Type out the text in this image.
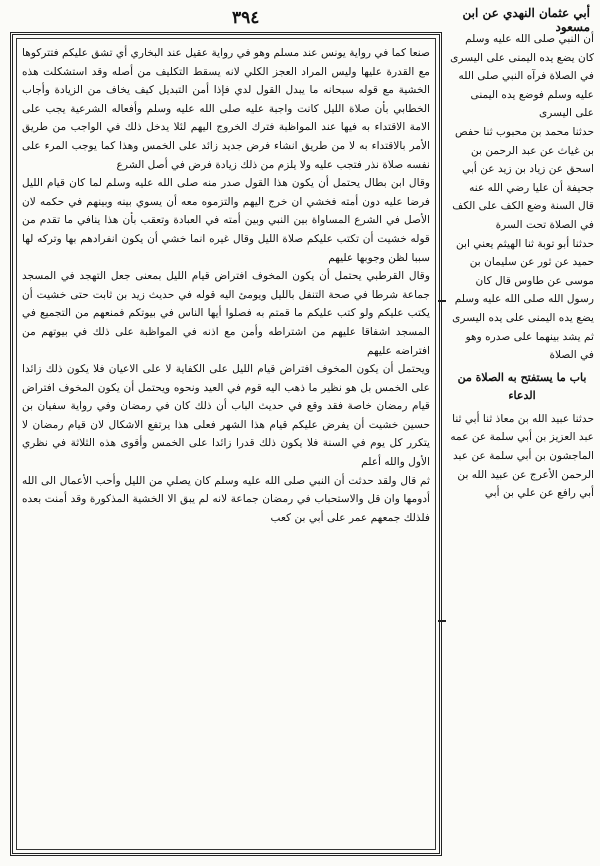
٣٩٤	أبي عثمان النهدي عن ابن مسعود

صنعا كما في رواية يونس عند مسلم وهو في رواية عقيل عند البخاري أي تشق عليكم فتتركوها مع القدرة عليها وليس المراد العجز الكلي لانه يسقط التكليف من أصله وقد استشكلت هذه الخشية مع قوله سبحانه ما يبدل القول لدي فإذا أمن التبديل كيف يخاف من الزيادة وأجاب الخطابي بأن صلاة الليل كانت واجبة عليه صلى الله عليه وسلم وأفعاله الشرعية يجب على الامة الاقتداء به فيها عند المواظبة فترك الخروج اليهم لئلا يدخل ذلك في الواجب من طريق الأمر بالاقتداء به لا من طريق انشاء فرض جديد زائد على الخمس وهذا كما يوجب المرء على نفسه صلاة نذر فتجب عليه ولا يلزم من ذلك زيادة فرض في أصل الشرع

وقال ابن بطال يحتمل أن يكون هذا القول صدر منه صلى الله عليه وسلم لما كان قيام الليل فرضا عليه دون أمته فخشي ان خرج اليهم والتزموه معه أن يسوي بينه وبينهم في حكمه لان الأصل في الشرع المساواة بين النبي وبين أمته في العبادة وتعقب بأن هذا ينافي ما تقدم من قوله خشيت أن تكتب عليكم صلاة الليل وقال غيره انما خشي أن يكون انفرادهم بها وتركه لها سببا لظن وجوبها عليهم

وقال القرطبي يحتمل أن يكون المخوف افتراض قيام الليل بمعنى جعل التهجد في المسجد جماعة شرطا في صحة التنفل بالليل ويومئ اليه قوله في حديث زيد بن ثابت حتى خشيت أن يكتب عليكم ولو كتب عليكم ما قمتم به فصلوا أيها الناس في بيوتكم فمنعهم من التجميع في المسجد اشفاقا عليهم من اشتراطه وأمن مع اذنه في المواظبة على ذلك في بيوتهم من افتراضه عليهم

ويحتمل أن يكون المخوف افتراض قيام الليل على الكفاية لا على الاعيان فلا يكون ذلك زائدا على الخمس بل هو نظير ما ذهب اليه قوم في العيد ونحوه ويحتمل أن يكون المخوف افتراض قيام رمضان خاصة فقد وقع في حديث الباب أن ذلك كان في رمضان وفي رواية سفيان بن حسين خشيت أن يفرض عليكم قيام هذا الشهر فعلى هذا يرتفع الاشكال لان قيام رمضان لا يتكرر كل يوم في السنة فلا يكون ذلك قدرا زائدا على الخمس وأقوى هذه الثلاثة في نظري الأول والله أعلم

ثم قال ولقد حدثت أن النبي صلى الله عليه وسلم كان يصلي من الليل وأحب الأعمال الى الله أدومها وان قل والاستحباب في رمضان جماعة لانه لم يبق الا الخشية المذكورة وقد أمنت بعده فلذلك جمعهم عمر على أبي بن كعب

أن النبي صلى الله عليه وسلم كان يضع يده اليمنى على اليسرى في الصلاة فرآه النبي صلى الله عليه وسلم فوضع يده اليمنى على اليسرى

حدثنا محمد بن محبوب ثنا حفص بن غياث عن عبد الرحمن بن اسحق عن زياد بن زيد عن أبي جحيفة أن عليا رضي الله عنه قال السنة وضع الكف على الكف في الصلاة تحت السرة

حدثنا أبو توبة ثنا الهيثم يعني ابن حميد عن ثور عن سليمان بن موسى عن طاوس قال كان رسول الله صلى الله عليه وسلم يضع يده اليمنى على يده اليسرى ثم يشد بينهما على صدره وهو في الصلاة

باب ما يستفتح به الصلاة من الدعاء

حدثنا عبيد الله بن معاذ ثنا أبي ثنا عبد العزيز بن أبي سلمة عن عمه الماجشون بن أبي سلمة عن عبد الرحمن الأعرج عن عبيد الله بن أبي رافع عن علي بن أبي
